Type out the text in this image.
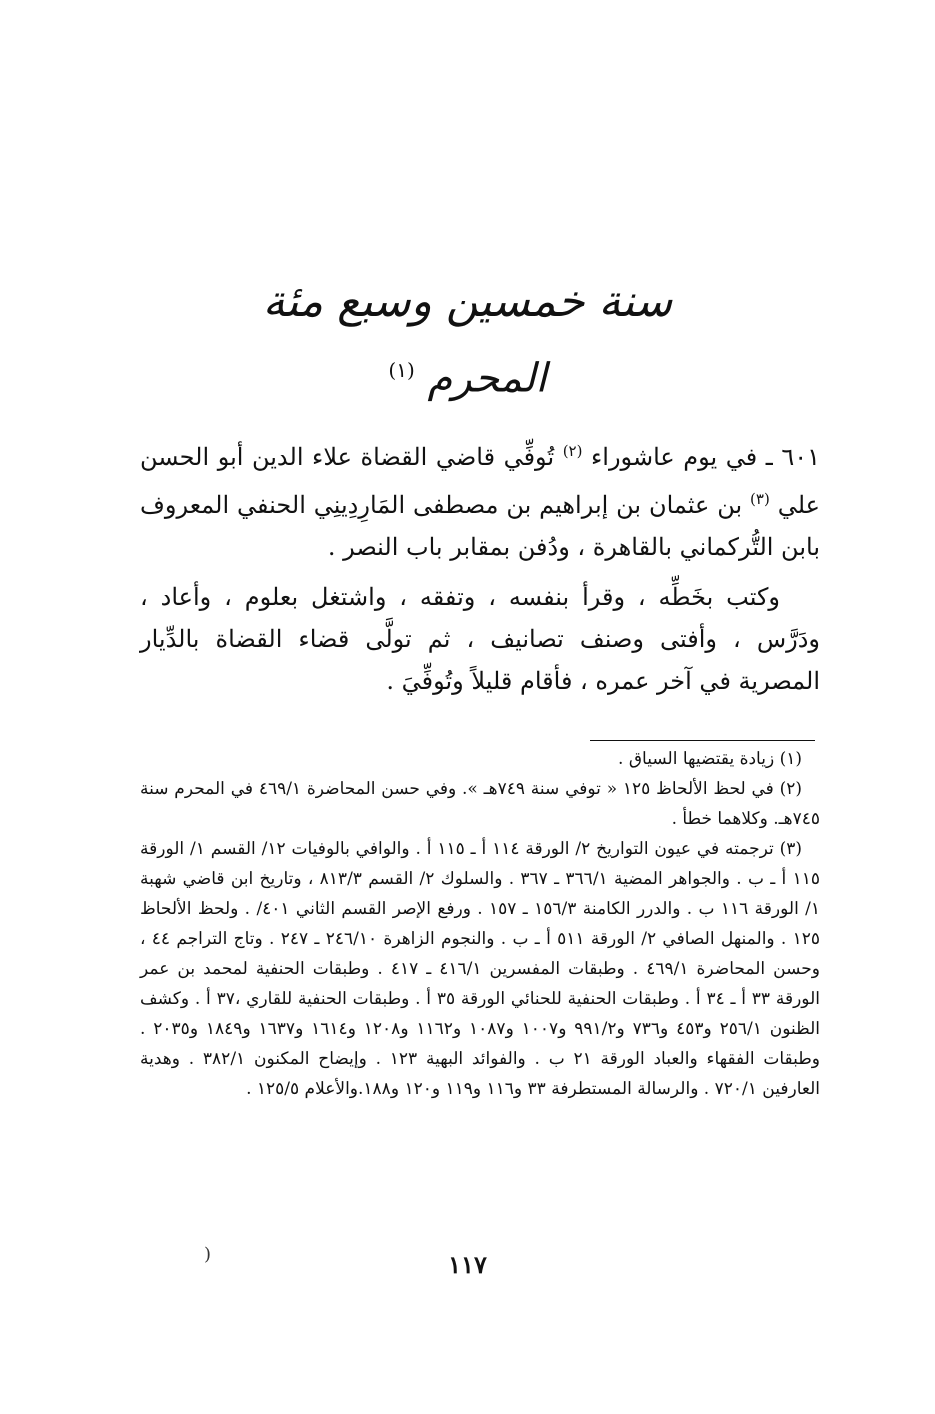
سنة خمسين وسبع مئة
المحرم $^{(١)}$

٦٠١ ـ في يوم عاشوراء $^{(٢)}$ تُوفِّي قاضي القضاة علاء الدين أبو الحسن علي $^{(٣)}$ بن عثمان بن إبراهيم بن مصطفى المَارِدِينِي الحنفي المعروف بابن التُّركماني بالقاهرة ، ودُفن بمقابر باب النصر .

وكتب بخَطِّه ، وقرأ بنفسه ، وتفقه ، واشتغل بعلوم ، وأعاد ، ودَرَّس ، وأفتى وصنف تصانيف ، ثم تولَّى قضاء القضاة بالدِّيار المصرية في آخر عمره ، فأقام قليلاً وتُوفِّيَ .

(١) زيادة يقتضيها السياق .

(٢) في لحظ الألحاظ ١٢٥ « توفي سنة ٧٤٩هـ ». وفي حسن المحاضرة ٤٦٩/١ في المحرم سنة ٧٤٥هـ. وكلاهما خطأ .

(٣) ترجمته في عيون التواريخ ٢/ الورقة ١١٤ أ ـ ١١٥ أ . والوافي بالوفيات ١٢/ القسم ١/ الورقة ١١٥ أ ـ ب . والجواهر المضية ٣٦٦/١ ـ ٣٦٧ . والسلوك ٢/ القسم ٨١٣/٣ ، وتاريخ ابن قاضي شهبة ١/ الورقة ١١٦ ب . والدرر الكامنة ١٥٦/٣ ـ ١٥٧ . ورفع الإصر القسم الثاني ٤٠١/ . ولحظ الألحاظ ١٢٥ . والمنهل الصافي ٢/ الورقة ٥١١ أ ـ ب . والنجوم الزاهرة ٢٤٦/١٠ ـ ٢٤٧ . وتاج التراجم ٤٤ ، وحسن المحاضرة ٤٦٩/١ . وطبقات المفسرين ٤١٦/١ ـ ٤١٧ . وطبقات الحنفية لمحمد بن عمر الورقة ٣٣ أ ـ ٣٤ أ . وطبقات الحنفية للحنائي الورقة ٣٥ أ . وطبقات الحنفية للقاري ،٣٧ أ . وكشف الظنون ٢٥٦/١ و٤٥٣ و٧٣٦ و٩٩١/٢ و١٠٠٧ و١٠٨٧ و١١٦٢ و١٢٠٨ و١٦١٤ و١٦٣٧ و١٨٤٩ و٢٠٣٥ . وطبقات الفقهاء والعباد الورقة ٢١ ب . والفوائد البهية ١٢٣ . وإيضاح المكنون ٣٨٢/١ . وهدية العارفين ٧٢٠/١ . والرسالة المستطرفة ٣٣ و١١٦ و١١٩ و١٢٠ و١٨٨.والأعلام ١٢٥/٥ .

)	١١٧
